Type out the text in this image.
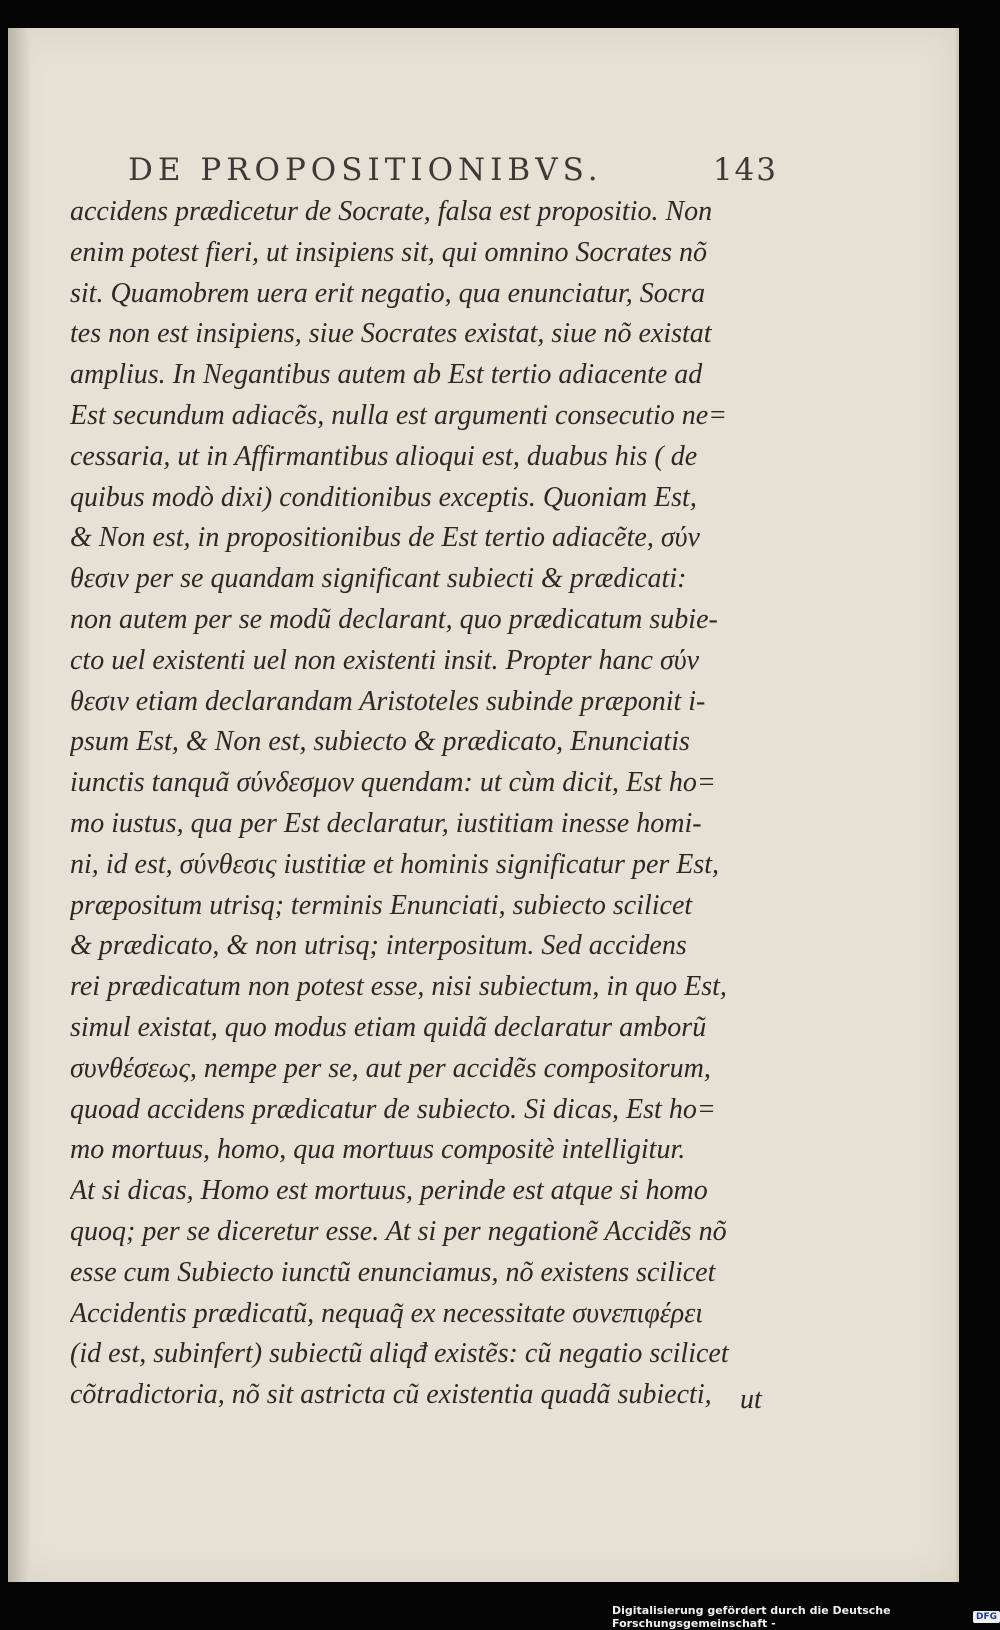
DE PROPOSITIONIBVS.	143
accidens prædicetur de Socrate, falsa est propositio. Non
enim potest fieri, ut insipiens sit, qui omnino Socrates nõ
sit. Quamobrem uera erit negatio, qua enunciatur, Socra
tes non est insipiens, siue Socrates existat, siue nõ existat
amplius. In Negantibus autem ab Est tertio adiacente ad
Est secundum adiacẽs, nulla est argumenti consecutio ne=
cessaria, ut in Affirmantibus alioqui est, duabus his ( de
quibus modò dixi) conditionibus exceptis. Quoniam Est,
& Non est, in propositionibus de Est tertio adiacẽte, σύν
θεσιν per se quandam significant subiecti & prædicati:
non autem per se modũ declarant, quo prædicatum subie-
cto uel existenti uel non existenti insit. Propter hanc σύν
θεσιν etiam declarandam Aristoteles subinde præponit i-
psum Est, & Non est, subiecto & prædicato, Enunciatis
iunctis tanquã σύνδεσμον quendam: ut cùm dicit, Est ho=
mo iustus, qua per Est declaratur, iustitiam inesse homi-
ni, id est, σύνθεσις iustitiæ et hominis significatur per Est,
præpositum utrisq; terminis Enunciati, subiecto scilicet
& prædicato, & non utrisq; interpositum. Sed accidens
rei prædicatum non potest esse, nisi subiectum, in quo Est,
simul existat, quo modus etiam quidã declaratur amborũ
συνθέσεως, nempe per se, aut per accidẽs compositorum,
quoad accidens prædicatur de subiecto. Si dicas, Est ho=
mo mortuus, homo, qua mortuus compositè intelligitur.
At si dicas, Homo est mortuus, perinde est atque si homo
quoq; per se diceretur esse. At si per negationẽ Accidẽs nõ
esse cum Subiecto iunctũ enunciamus, nõ existens scilicet
Accidentis prædicatũ, nequaq̃ ex necessitate συνεπιφέρει
(id est, subinfert) subiectũ aliqđ existẽs: cũ negatio scilicet
cõtradictoria, nõ sit astricta cũ existentia quadã subiecti,	ut
Digitalisierung gefördert durch die Deutsche Forschungsgemeinschaft -	DFG
